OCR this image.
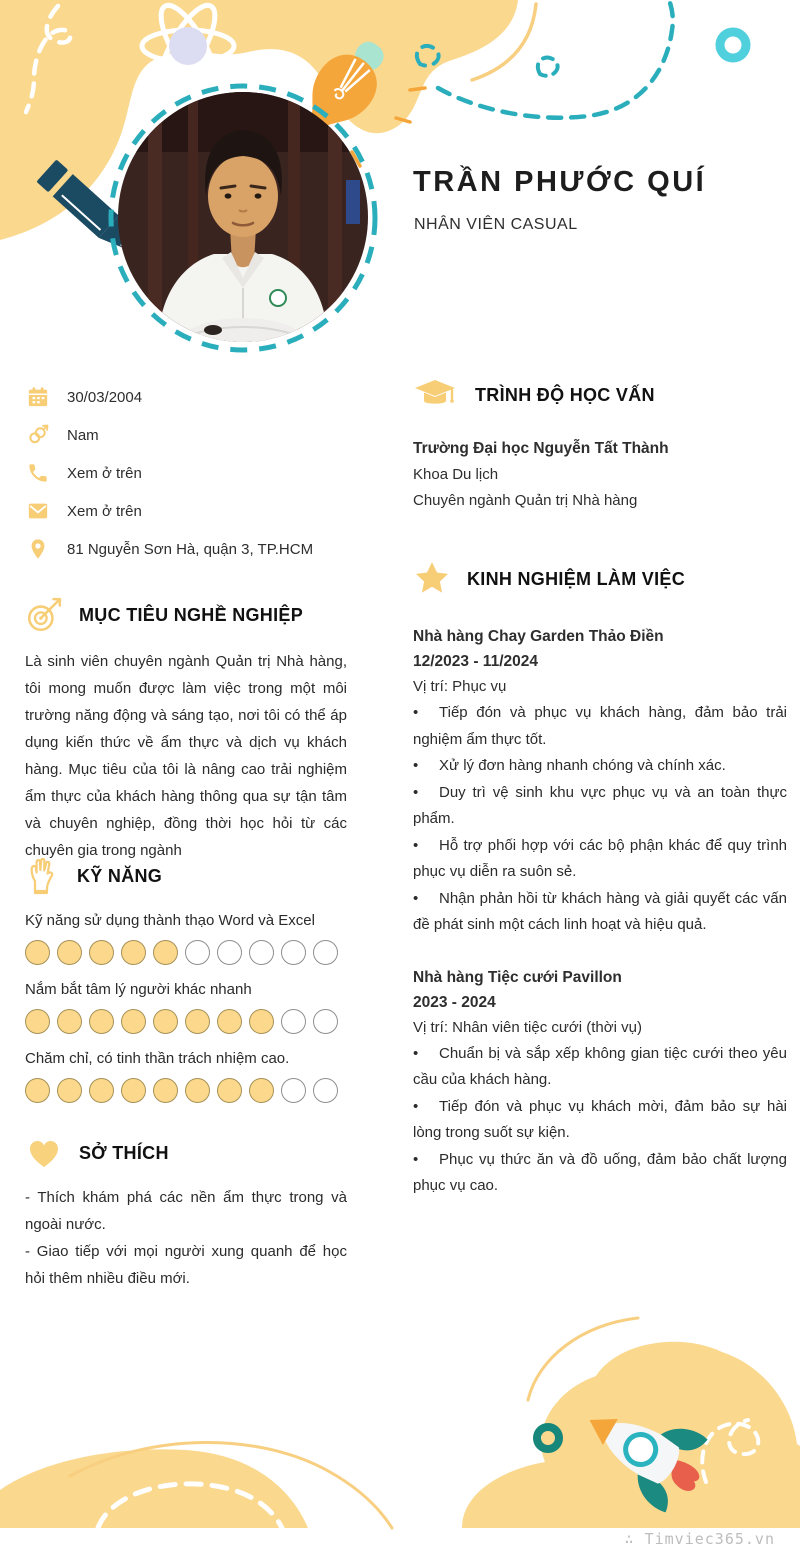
TRẦN PHƯỚC QUÍ
NHÂN VIÊN CASUAL
30/03/2004
Nam
Xem ở trên
Xem ở trên
81 Nguyễn Sơn Hà, quận 3, TP.HCM
MỤC TIÊU NGHỀ NGHIỆP

Là sinh viên chuyên ngành Quản trị Nhà hàng, tôi mong muốn được làm việc trong một môi trường năng động và sáng tạo, nơi tôi có thể áp dụng kiến thức về ẩm thực và dịch vụ khách hàng. Mục tiêu của tôi là nâng cao trải nghiệm ẩm thực của khách hàng thông qua sự tận tâm và chuyên nghiệp, đồng thời học hỏi từ các chuyên gia trong ngành

KỸ NĂNG
Kỹ năng sử dụng thành thạo Word và Excel
Nắm bắt tâm lý người khác nhanh
Chăm chỉ, có tinh thần trách nhiệm cao.
SỞ THÍCH

- Thích khám phá các nền ẩm thực trong và ngoài nước.

- Giao tiếp với mọi người xung quanh để học hỏi thêm nhiều điều mới.

TRÌNH ĐỘ HỌC VẤN
Trường Đại học Nguyễn Tất Thành
Khoa Du lịch
Chuyên ngành Quản trị Nhà hàng
KINH NGHIỆM LÀM VIỆC
Nhà hàng Chay Garden Thảo Điền
12/2023 - 11/2024
Vị trí: Phục vụ

• Tiếp đón và phục vụ khách hàng, đảm bảo trải nghiệm ẩm thực tốt.

• Xử lý đơn hàng nhanh chóng và chính xác.

• Duy trì vệ sinh khu vực phục vụ và an toàn thực phẩm.

• Hỗ trợ phối hợp với các bộ phận khác để quy trình phục vụ diễn ra suôn sẻ.

• Nhận phản hồi từ khách hàng và giải quyết các vấn đề phát sinh một cách linh hoạt và hiệu quả.

Nhà hàng Tiệc cưới Pavillon
2023 - 2024
Vị trí: Nhân viên tiệc cưới (thời vụ)

• Chuẩn bị và sắp xếp không gian tiệc cưới theo yêu cầu của khách hàng.

• Tiếp đón và phục vụ khách mời, đảm bảo sự hài lòng trong suốt sự kiện.

• Phục vụ thức ăn và đồ uống, đảm bảo chất lượng phục vụ cao.

∴ Timviec365.vn
